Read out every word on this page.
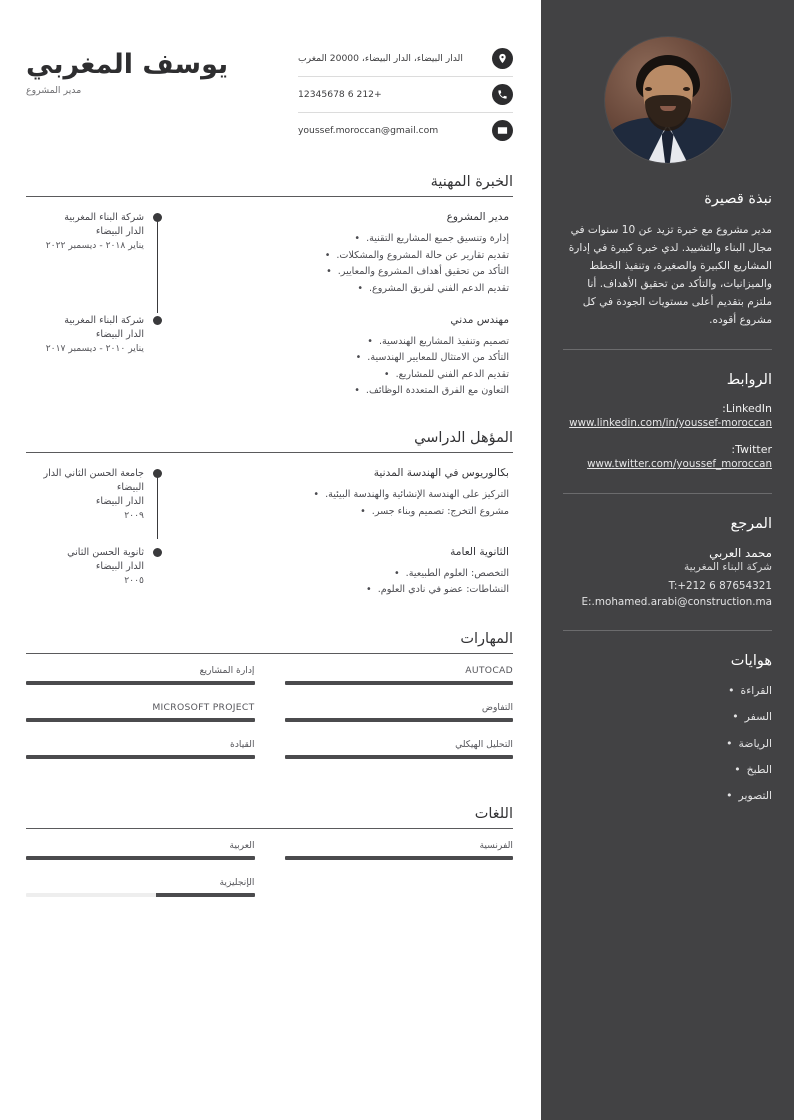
يوسف المغربي
مدير المشروع
الدار البيضاء، الدار البيضاء، 20000 المغرب
+212 6 12345678
youssef.moroccan@gmail.com
الخبرة المهنية
شركة البناء المغربية
الدار البيضاء
يناير ٢٠١٨ - ديسمبر ٢٠٢٢
مدير المشروع
إدارة وتنسيق جميع المشاريع التقنية. •
تقديم تقارير عن حالة المشروع والمشكلات. •
التأكد من تحقيق أهداف المشروع والمعايير. •
تقديم الدعم الفني لفريق المشروع. •
شركة البناء المغربية
الدار البيضاء
يناير ٢٠١٠ - ديسمبر ٢٠١٧
مهندس مدني
تصميم وتنفيذ المشاريع الهندسية. •
التأكد من الامتثال للمعايير الهندسية. •
تقديم الدعم الفني للمشاريع. •
التعاون مع الفرق المتعددة الوظائف. •
المؤهل الدراسي
جامعة الحسن الثاني الدار البيضاء
الدار البيضاء
٢٠٠٩
بكالوريوس في الهندسة المدنية
التركيز على الهندسة الإنشائية والهندسة البيئية. •
مشروع التخرج: تصميم وبناء جسر. •
ثانوية الحسن الثاني
الدار البيضاء
٢٠٠٥
الثانوية العامة
التخصص: العلوم الطبيعية. •
النشاطات: عضو في نادي العلوم. •
المهارات
إدارة المشاريع
MICROSOFT PROJECT
القيادة
AUTOCAD
التفاوض
التحليل الهيكلي
اللغات
العربية
الإنجليزية
الفرنسية
نبذة قصيرة
مدير مشروع مع خبرة تزيد عن 10 سنوات في مجال البناء والتشييد. لدي خبرة كبيرة في إدارة المشاريع الكبيرة والصغيرة، وتنفيذ الخطط والميزانيات، والتأكد من تحقيق الأهداف. أنا ملتزم بتقديم أعلى مستويات الجودة في كل مشروع أقوده.
الروابط
LinkedIn:
www.linkedin.com/in/youssef-moroccan
Twitter:
www.twitter.com/youssef_moroccan
المرجع
محمد العربي
شركة البناء المغربية
T:+212 6 87654321
E:.mohamed.arabi@construction.ma
هوايات
القراءة •
السفر •
الرياضة •
الطبخ •
التصوير •
